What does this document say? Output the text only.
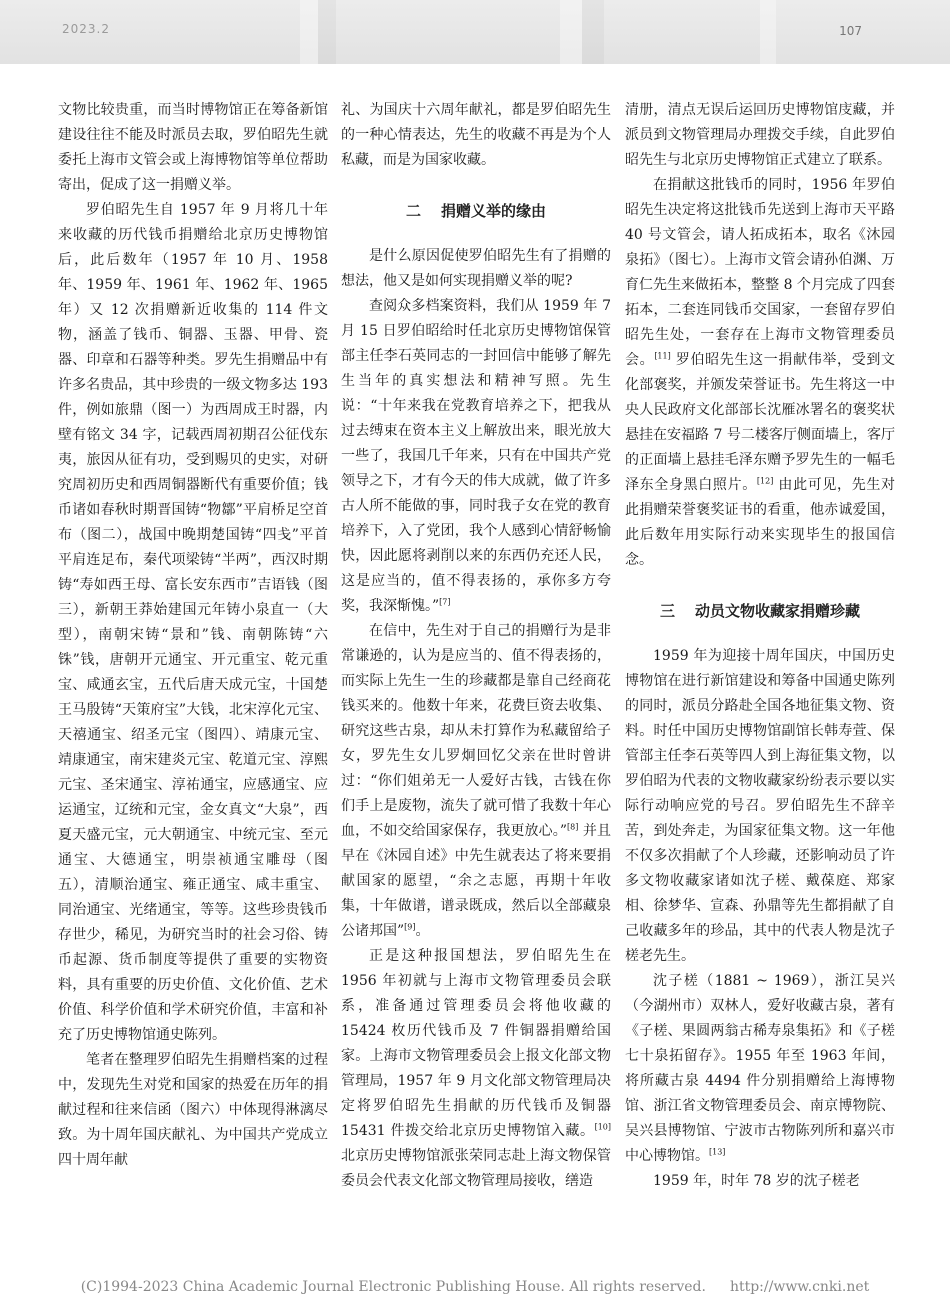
2023.2	107

文物比较贵重，而当时博物馆正在筹备新馆建设往往不能及时派员去取，罗伯昭先生就委托上海市文管会或上海博物馆等单位帮助寄出，促成了这一捐赠义举。

罗伯昭先生自 1957 年 9 月将几十年来收藏的历代钱币捐赠给北京历史博物馆后，此后数年（1957 年 10 月、1958 年、1959 年、1961 年、1962 年、1965 年）又 12 次捐赠新近收集的 114 件文物，涵盖了钱币、铜器、玉器、甲骨、瓷器、印章和石器等种类。罗先生捐赠品中有许多名贵品，其中珍贵的一级文物多达 193 件，例如旅鼎（图一）为西周成王时器，内壁有铭文 34 字，记载西周初期召公征伐东夷，旅因从征有功，受到赐贝的史实，对研究周初历史和西周铜器断代有重要价值；钱币诸如春秋时期晋国铸“物鄒”平肩桥足空首布（图二），战国中晚期楚国铸“四戋”平首平肩连足布，秦代项梁铸“半两”，西汉时期铸“寿如西王母、富长安东西市”吉语钱（图三），新朝王莽始建国元年铸小泉直一（大型），南朝宋铸“景和”钱、南朝陈铸“六铢”钱，唐朝开元通宝、开元重宝、乾元重宝、咸通玄宝，五代后唐天成元宝，十国楚王马殷铸“天策府宝”大钱，北宋淳化元宝、天禧通宝、绍圣元宝（图四）、靖康元宝、靖康通宝，南宋建炎元宝、乾道元宝、淳熙元宝、圣宋通宝、淳祐通宝，应感通宝、应运通宝，辽统和元宝，金女真文“大泉”，西夏天盛元宝，元大朝通宝、中统元宝、至元通宝、大德通宝，明崇祯通宝雕母（图五），清顺治通宝、雍正通宝、咸丰重宝、同治通宝、光绪通宝，等等。这些珍贵钱币存世少，稀见，为研究当时的社会习俗、铸币起源、货币制度等提供了重要的实物资料，具有重要的历史价值、文化价值、艺术价值、科学价值和学术研究价值，丰富和补充了历史博物馆通史陈列。

笔者在整理罗伯昭先生捐赠档案的过程中，发现先生对党和国家的热爱在历年的捐献过程和往来信函（图六）中体现得淋漓尽致。为十周年国庆献礼、为中国共产党成立四十周年献

礼、为国庆十六周年献礼，都是罗伯昭先生的一种心情表达，先生的收藏不再是为个人私藏，而是为国家收藏。

二 捐赠义举的缘由

是什么原因促使罗伯昭先生有了捐赠的想法，他又是如何实现捐赠义举的呢?

查阅众多档案资料，我们从 1959 年 7 月 15 日罗伯昭给时任北京历史博物馆保管部主任李石英同志的一封回信中能够了解先生当年的真实想法和精神写照。先生说：“十年来我在党教育培养之下，把我从过去缚束在资本主义上解放出来，眼光放大一些了，我国几千年来，只有在中国共产党领导之下，才有今天的伟大成就，做了许多古人所不能做的事，同时我子女在党的教育培养下，入了党团，我个人感到心情舒畅愉快，因此愿将剥削以来的东西仍充还人民，这是应当的，值不得表扬的，承你多方夸奖，我深惭愧。”[7]

在信中，先生对于自己的捐赠行为是非常谦逊的，认为是应当的、值不得表扬的，而实际上先生一生的珍藏都是靠自己经商花钱买来的。他数十年来，花费巨资去收集、研究这些古泉，却从未打算作为私藏留给子女，罗先生女儿罗炯回忆父亲在世时曾讲过：“你们姐弟无一人爱好古钱，古钱在你们手上是废物，流失了就可惜了我数十年心血，不如交给国家保存，我更放心。”[8] 并且早在《沐园自述》中先生就表达了将来要捐献国家的愿望，“余之志愿，再期十年收集，十年做谱，谱录既成，然后以全部藏泉公诸邦国”[9]。

正是这种报国想法，罗伯昭先生在 1956 年初就与上海市文物管理委员会联系，准备通过管理委员会将他收藏的 15424 枚历代钱币及 7 件铜器捐赠给国家。上海市文物管理委员会上报文化部文物管理局，1957 年 9 月文化部文物管理局决定将罗伯昭先生捐献的历代钱币及铜器 15431 件拨交给北京历史博物馆入藏。[10] 北京历史博物馆派张荣同志赴上海文物保管委员会代表文化部文物管理局接收，缮造

清册，清点无误后运回历史博物馆庋藏，并派员到文物管理局办理拨交手续，自此罗伯昭先生与北京历史博物馆正式建立了联系。

在捐献这批钱币的同时，1956 年罗伯昭先生决定将这批钱币先送到上海市天平路 40 号文管会，请人拓成拓本，取名《沐园泉拓》（图七）。上海市文管会请孙伯渊、万育仁先生来做拓本，整整 8 个月完成了四套拓本，二套连同钱币交国家，一套留存罗伯昭先生处，一套存在上海市文物管理委员会。[11] 罗伯昭先生这一捐献伟举，受到文化部褒奖，并颁发荣誉证书。先生将这一中央人民政府文化部部长沈雁冰署名的褒奖状悬挂在安福路 7 号二楼客厅侧面墙上，客厅的正面墙上悬挂毛泽东赠予罗先生的一幅毛泽东全身黑白照片。[12] 由此可见，先生对此捐赠荣誉褒奖证书的看重，他赤诚爱国，此后数年用实际行动来实现毕生的报国信念。

三 动员文物收藏家捐赠珍藏

1959 年为迎接十周年国庆，中国历史博物馆在进行新馆建设和筹备中国通史陈列的同时，派员分路赴全国各地征集文物、资料。时任中国历史博物馆副馆长韩寿萱、保管部主任李石英等四人到上海征集文物，以罗伯昭为代表的文物收藏家纷纷表示要以实际行动响应党的号召。罗伯昭先生不辞辛苦，到处奔走，为国家征集文物。这一年他不仅多次捐献了个人珍藏，还影响动员了许多文物收藏家诸如沈子槎、戴葆庭、郑家相、徐梦华、宣森、孙鼎等先生都捐献了自己收藏多年的珍品，其中的代表人物是沈子槎老先生。

沈子槎（1881 ~ 1969），浙江吴兴（今湖州市）双林人，爱好收藏古泉，著有《子槎、果圆两翁古稀寿泉集拓》和《子槎七十泉拓留存》。1955 年至 1963 年间，将所藏古泉 4494 件分别捐赠给上海博物馆、浙江省文物管理委员会、南京博物院、吴兴县博物馆、宁波市古物陈列所和嘉兴市中心博物馆。[13]

1959 年，时年 78 岁的沈子槎老

(C)1994-2023 China Academic Journal Electronic Publishing House. All rights reserved. http://www.cnki.net
